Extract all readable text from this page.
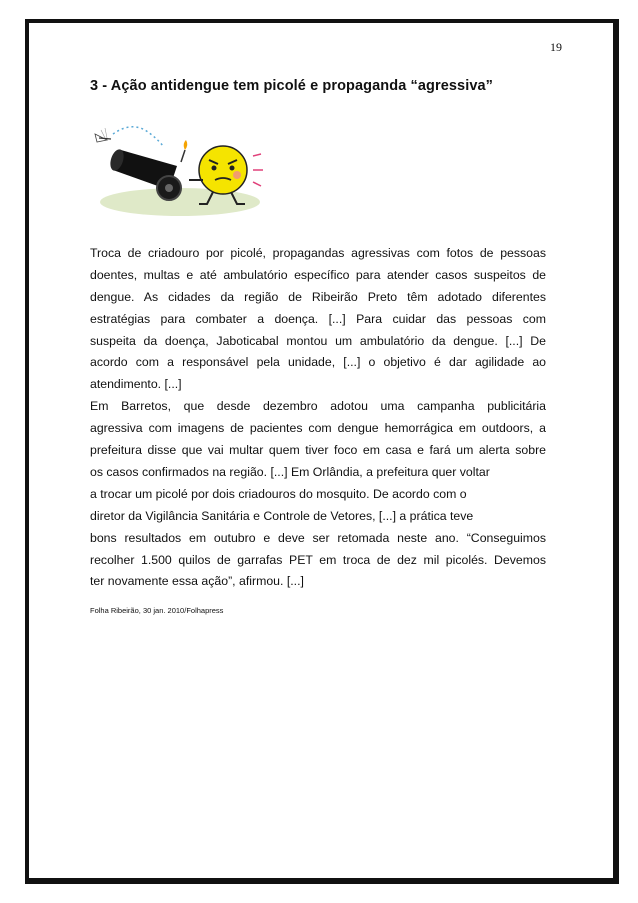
19
3 - Ação antidengue tem picolé e propaganda “agressiva”
Troca de criadouro por picolé, propagandas agressivas com fotos de pessoas
doentes, multas e até ambulatório específico para atender casos suspeitos de
dengue. As cidades da região de Ribeirão Preto têm adotado diferentes
estratégias para combater a doença. [...] Para cuidar das pessoas com
suspeita da doença, Jaboticabal montou um ambulatório da dengue. [...] De
acordo com a responsável pela unidade, [...] o objetivo é dar agilidade ao
atendimento. [...]
Em Barretos, que desde dezembro adotou uma campanha publicitária
agressiva com imagens de pacientes com dengue hemorrágica em outdoors, a
prefeitura disse que vai multar quem tiver foco em casa e fará um alerta sobre
os casos confirmados na região. [...] Em Orlândia, a prefeitura quer voltar
a trocar um picolé por dois criadouros do mosquito. De acordo com o
diretor da Vigilância Sanitária e Controle de Vetores, [...] a prática teve
bons resultados em outubro e deve ser retomada neste ano. “Conseguimos
recolher 1.500 quilos de garrafas PET em troca de dez mil picolés. Devemos
ter novamente essa ação”, afirmou. [...]
Folha Ribeirão, 30 jan. 2010/Folhapress
